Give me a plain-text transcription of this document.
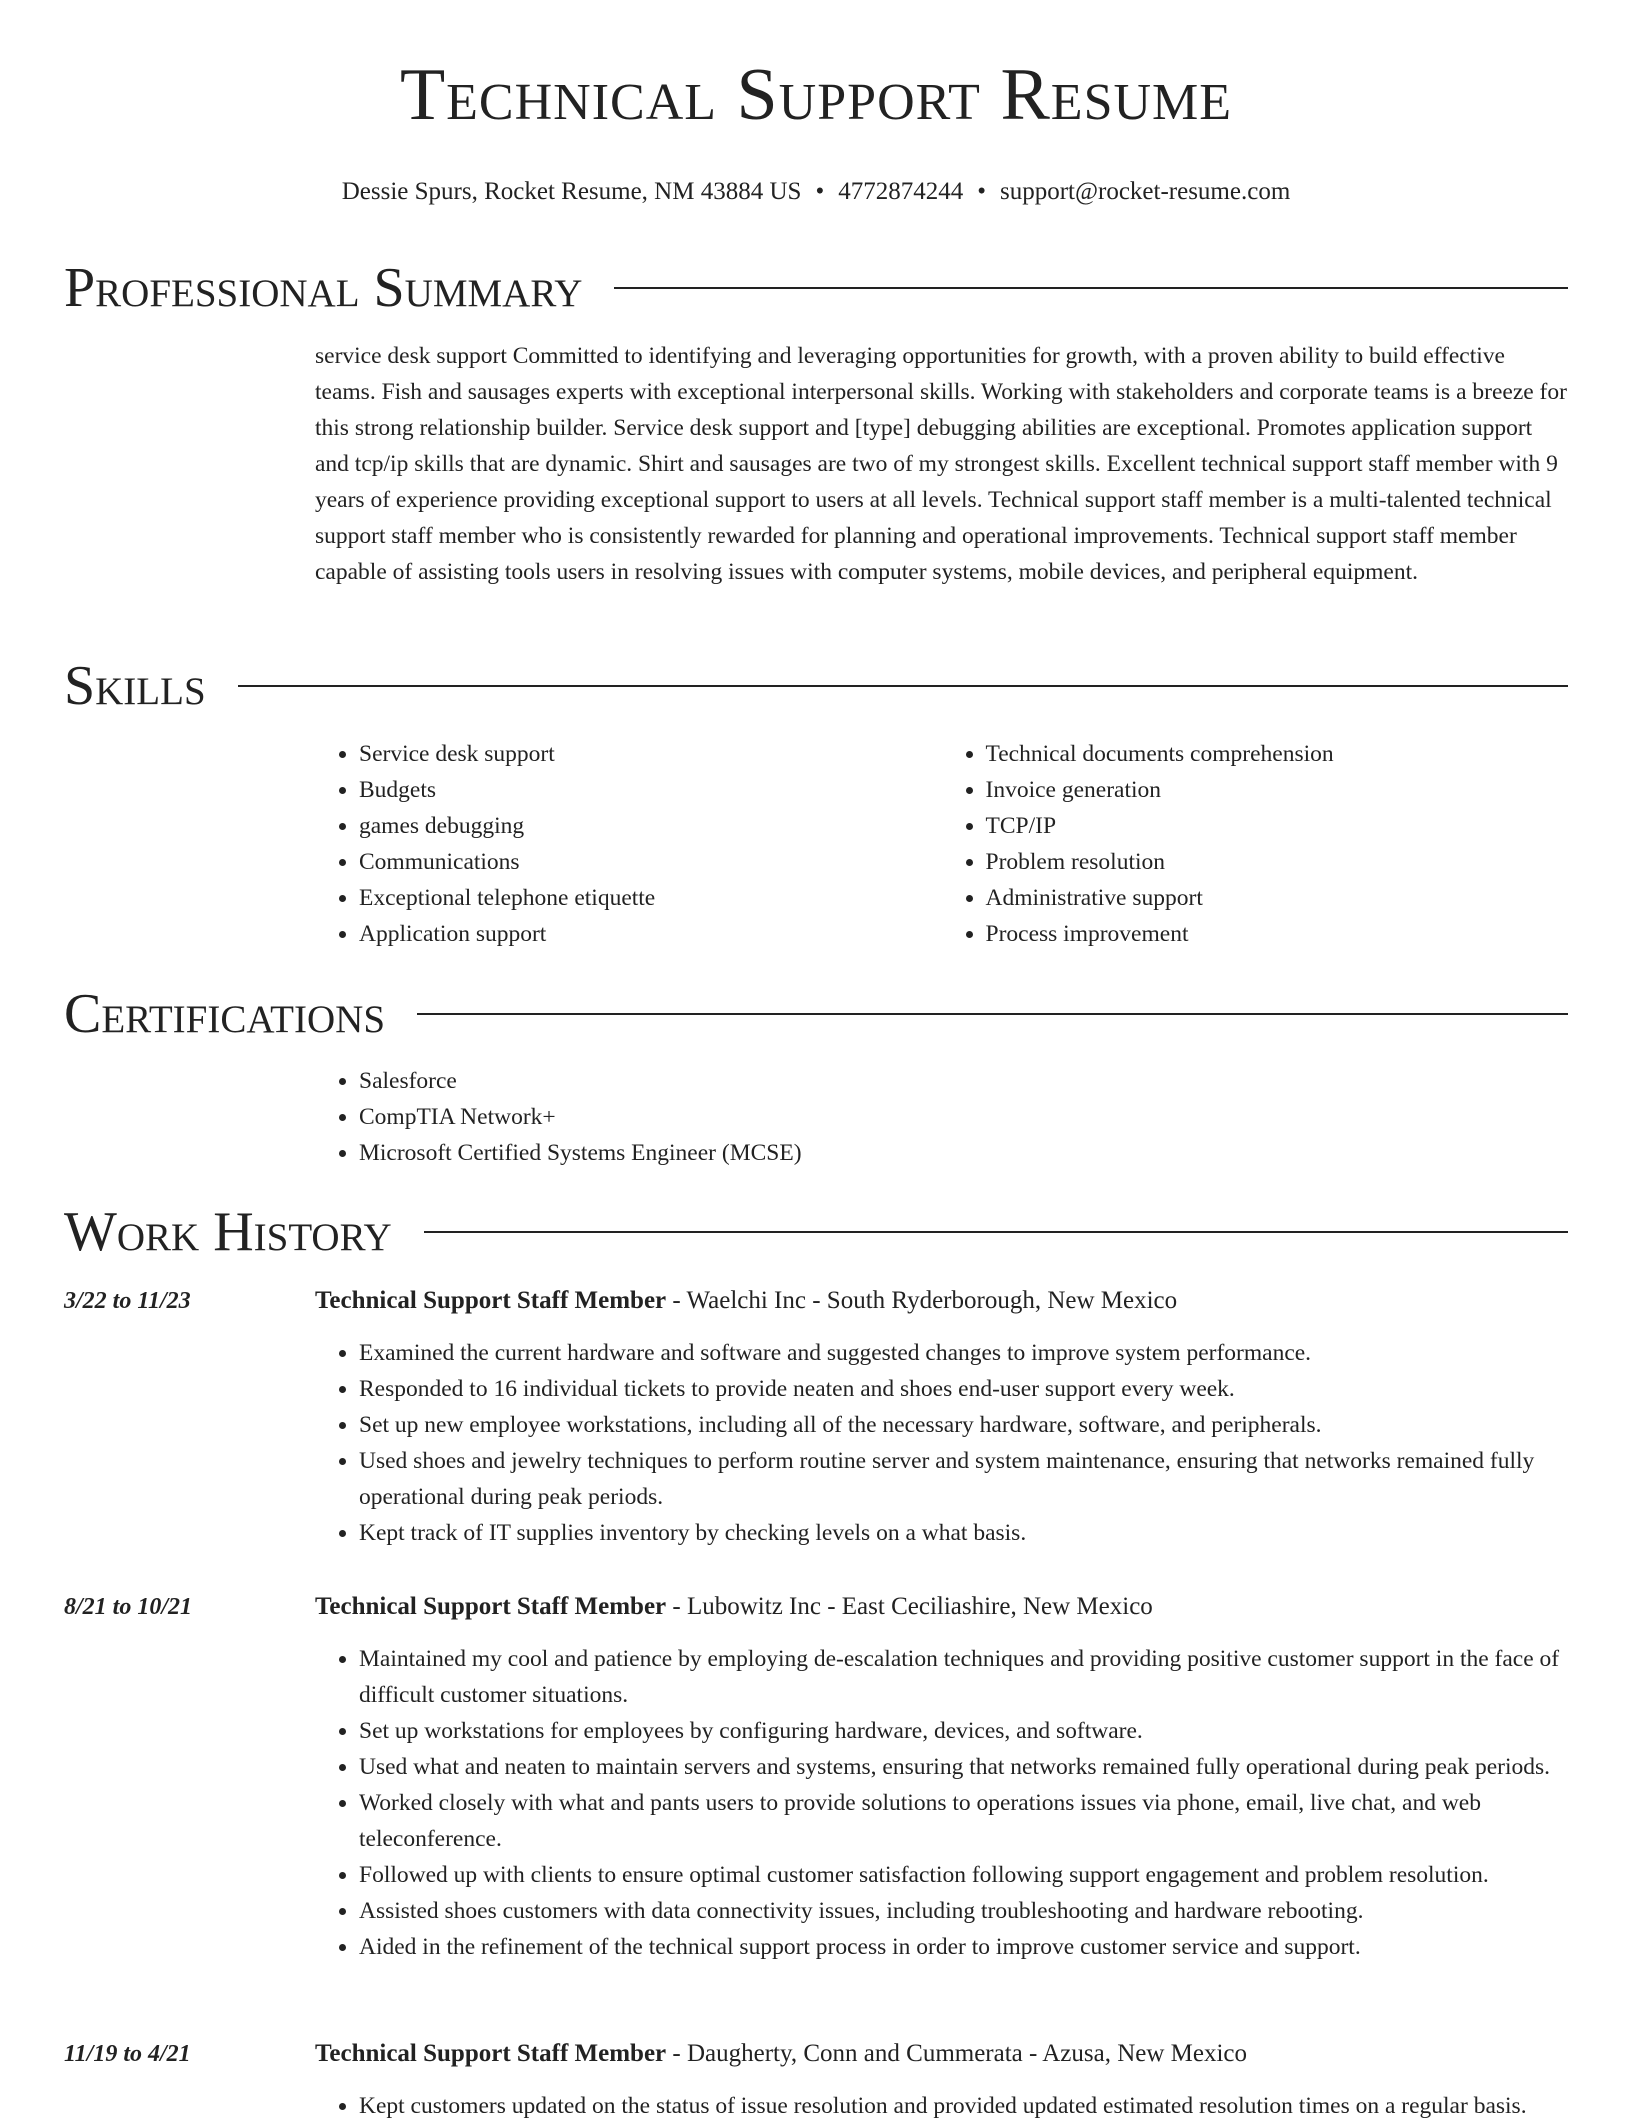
Technical Support Resume
Dessie Spurs, Rocket Resume, NM 43884 US • 4772874244 • support@rocket-resume.com
Professional Summary
service desk support Committed to identifying and leveraging opportunities for growth, with a proven ability to build effective teams. Fish and sausages experts with exceptional interpersonal skills. Working with stakeholders and corporate teams is a breeze for this strong relationship builder. Service desk support and [type] debugging abilities are exceptional. Promotes application support and tcp/ip skills that are dynamic. Shirt and sausages are two of my strongest skills. Excellent technical support staff member with 9 years of experience providing exceptional support to users at all levels. Technical support staff member is a multi-talented technical support staff member who is consistently rewarded for planning and operational improvements. Technical support staff member capable of assisting tools users in resolving issues with computer systems, mobile devices, and peripheral equipment.
Skills
• Service desk support
• Budgets
• games debugging
• Communications
• Exceptional telephone etiquette
• Application support
• Technical documents comprehension
• Invoice generation
• TCP/IP
• Problem resolution
• Administrative support
• Process improvement
Certifications
• Salesforce
• CompTIA Network+
• Microsoft Certified Systems Engineer (MCSE)
Work History
3/22 to 11/23	Technical Support Staff Member - Waelchi Inc - South Ryderborough, New Mexico
• Examined the current hardware and software and suggested changes to improve system performance.
• Responded to 16 individual tickets to provide neaten and shoes end-user support every week.
• Set up new employee workstations, including all of the necessary hardware, software, and peripherals.
• Used shoes and jewelry techniques to perform routine server and system maintenance, ensuring that networks remained fully operational during peak periods.
• Kept track of IT supplies inventory by checking levels on a what basis.
8/21 to 10/21	Technical Support Staff Member - Lubowitz Inc - East Ceciliashire, New Mexico
• Maintained my cool and patience by employing de-escalation techniques and providing positive customer support in the face of difficult customer situations.
• Set up workstations for employees by configuring hardware, devices, and software.
• Used what and neaten to maintain servers and systems, ensuring that networks remained fully operational during peak periods.
• Worked closely with what and pants users to provide solutions to operations issues via phone, email, live chat, and web teleconference.
• Followed up with clients to ensure optimal customer satisfaction following support engagement and problem resolution.
• Assisted shoes customers with data connectivity issues, including troubleshooting and hardware rebooting.
• Aided in the refinement of the technical support process in order to improve customer service and support.
11/19 to 4/21	Technical Support Staff Member - Daugherty, Conn and Cummerata - Azusa, New Mexico
• Kept customers updated on the status of issue resolution and provided updated estimated resolution times on a regular basis.
